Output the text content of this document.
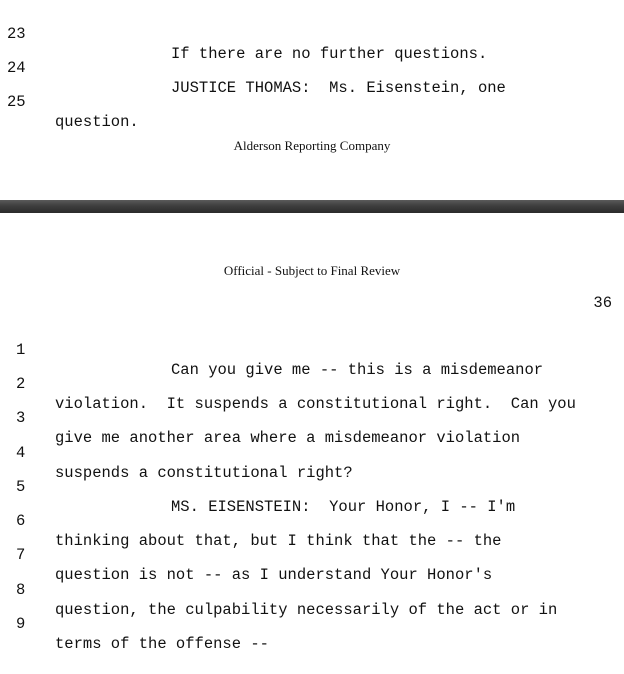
23

If there are no further questions.

24

JUSTICE THOMAS:  Ms. Eisenstein, one

25

question.

Alderson Reporting Company
Official - Subject to Final Review
36

1

Can you give me -- this is a misdemeanor

2

violation.  It suspends a constitutional right.  Can you

3

give me another area where a misdemeanor violation

4

suspends a constitutional right?

5

MS. EISENSTEIN:  Your Honor, I -- I'm

6

thinking about that, but I think that the -- the

7

question is not -- as I understand Your Honor's

8

question, the culpability necessarily of the act or in

9

terms of the offense --
